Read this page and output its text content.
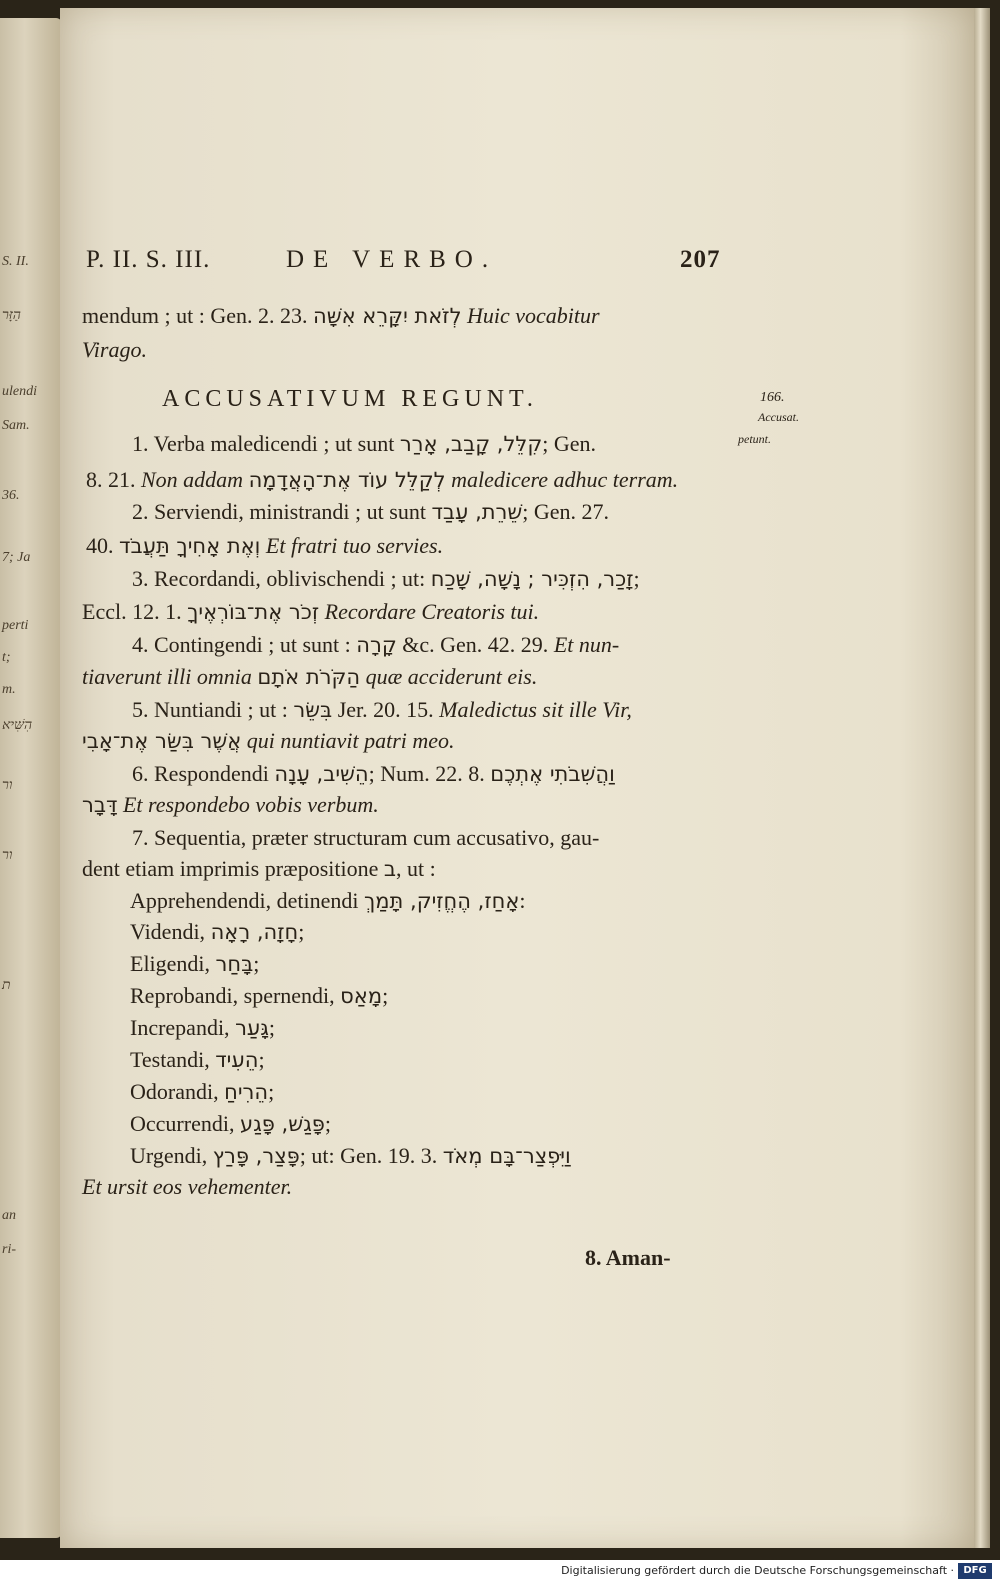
S. II.
הַזָּר
ulendi
Sam.
36.
7; Ja
perti
t;
m.
הִשִּׁיא
ור
ור
ת
an
ri-
P. II. S. III.	DE VERBO.	207
mendum ; ut : Gen. 2. 23. לְזֹאת יִקָּרֵא אִשָּׁה Huic vocabitur
Virago.
ACCUSATIVUM REGUNT.	166.
Accusat.
petunt.
1. Verba maledicendi ; ut sunt קִלֵּל, קָבַב, אָרַר; Gen.
8. 21. Non addam לְקַלֵּל עוֹד אֶת־הָאֲדָמָה maledicere adhuc terram.
2. Serviendi, ministrandi ; ut sunt שֵׁרֵת, עָבַד; Gen. 27.
40. וְאֶת אָחִיךָ תַּעֲבֹד Et fratri tuo servies.
3. Recordandi, oblivischendi ; ut: זָכַר, הִזְכִּיר ; נָשָׁה, שָׁכַח;
Eccl. 12. 1. זְכֹר אֶת־בּוֹרְאֶיךָ Recordare Creatoris tui.
4. Contingendi ; ut sunt : קָרָה &c. Gen. 42. 29. Et nun-
tiaverunt illi omnia הַקֹּרֹת אֹתָם quæ acciderunt eis.
5. Nuntiandi ; ut : בִּשֵּׂר Jer. 20. 15. Maledictus sit ille Vir,
אֲשֶׁר בִּשַּׂר אֶת־אָבִי qui nuntiavit patri meo.
6. Respondendi הֵשִׁיב, עָנָה; Num. 22. 8. וַהֲשִׁבֹתִי אֶתְכֶם
דָּבָר Et respondebo vobis verbum.
7. Sequentia, præter structuram cum accusativo, gau-
dent etiam imprimis præpositione ב, ut :
Apprehendendi, detinendi אָחַז, הֶחֱזִיק, תָּמַךְ:
Videndi, חָזָה, רָאָה;
Eligendi, בָּחַר;
Reprobandi, spernendi, מָאַס;
Increpandi, גָּעַר;
Testandi, הֵעִיד;
Odorandi, הֵרִיחַ;
Occurrendi, פָּגַשׁ, פָּגַע;
Urgendi, פָּצַר, פָּרַץ; ut: Gen. 19. 3. וַיִּפְצַר־בָּם מְאֹד
Et ursit eos vehementer.
8. Aman-
Digitalisierung gefördert durch die Deutsche Forschungsgemeinschaft · DFG
